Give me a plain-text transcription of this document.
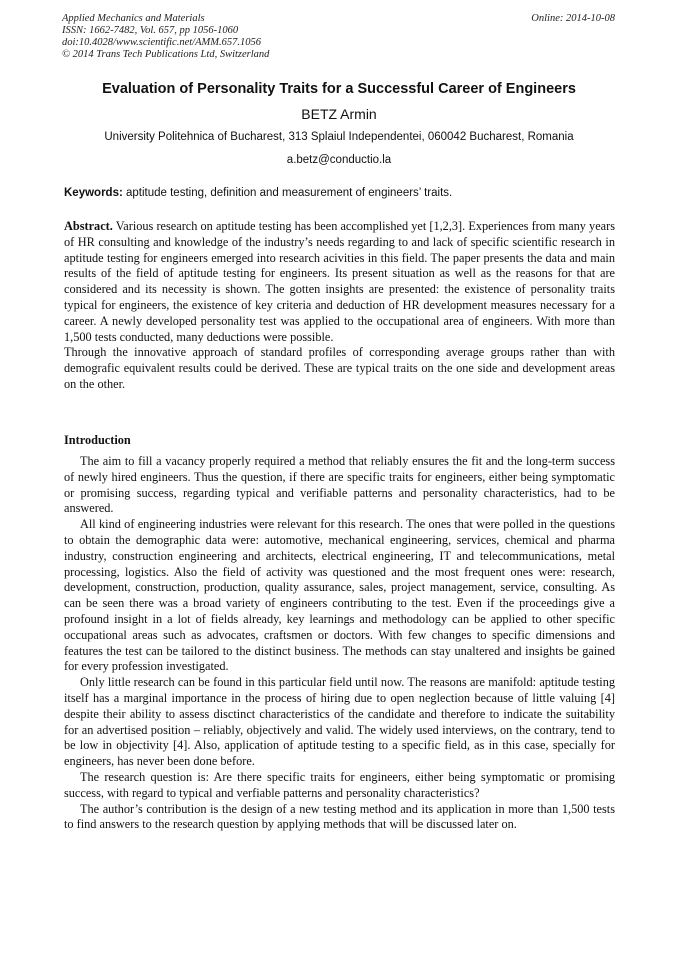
Applied Mechanics and Materials
ISSN: 1662-7482, Vol. 657, pp 1056-1060
doi:10.4028/www.scientific.net/AMM.657.1056
© 2014 Trans Tech Publications Ltd, Switzerland
Online: 2014-10-08
Evaluation of Personality Traits for a Successful Career of Engineers
BETZ Armin
University Politehnica of Bucharest, 313 Splaiul Independentei, 060042 Bucharest, Romania
a.betz@conductio.la
Keywords: aptitude testing, definition and measurement of engineers’ traits.

Abstract. Various research on aptitude testing has been accomplished yet [1,2,3]. Experiences from many years of HR consulting and knowledge of the industry’s needs regarding to and lack of specific scientific research in aptitude testing for engineers emerged into research acivities in this field. The paper presents the data and main results of the field of aptitude testing for engineers. Its present situation as well as the reasons for that are considered and its necessity is shown. The gotten insights are presented: the existence of personality traits typical for engineers, the existence of key criteria and deduction of HR development measures necessary for a career. A newly developed personality test was applied to the occupational area of engineers. With more than 1,500 tests conducted, many deductions were possible.

Through the innovative approach of standard profiles of corresponding average groups rather than with demografic equivalent results could be derived. These are typical traits on the one side and development areas on the other.

Introduction

The aim to fill a vacancy properly required a method that reliably ensures the fit and the long-term success of newly hired engineers. Thus the question, if there are specific traits for engineers, either being symptomatic or promising success, regarding typical and verifiable patterns and personality characteristics, had to be answered.

All kind of engineering industries were relevant for this research. The ones that were polled in the questions to obtain the demographic data were: automotive, mechanical engineering, services, chemical and pharma industry, construction engineering and architects, electrical engineering, IT and telecommunications, metal processing, logistics. Also the field of activity was questioned and the most frequent ones were: research, development, construction, production, quality assurance, sales, project management, service, consulting. As can be seen there was a broad variety of engineers contributing to the test. Even if the proceedings give a profound insight in a lot of fields already, key learnings and methodology can be applied to other specific occupational areas such as advocates, craftsmen or doctors. With few changes to specific dimensions and features the test can be tailored to the distinct business. The methods can stay unaltered and insights be gained for every profession investigated.

Only little research can be found in this particular field until now. The reasons are manifold: aptitude testing itself has a marginal importance in the process of hiring due to open neglection because of little valuing [4] despite their ability to assess disctinct characteristics of the candidate and therefore to indicate the suitability for an advertised position – reliably, objectively and valid. The widely used interviews, on the contrary, tend to be low in objectivity [4]. Also, application of aptitude testing to a specific field, as in this case, specially for engineers, has never been done before.

The research question is: Are there specific traits for engineers, either being symptomatic or promising success, with regard to typical and verfiable patterns and personality characteristics?

The author’s contribution is the design of a new testing method and its application in more than 1,500 tests to find answers to the research question by applying methods that will be discussed later on.
